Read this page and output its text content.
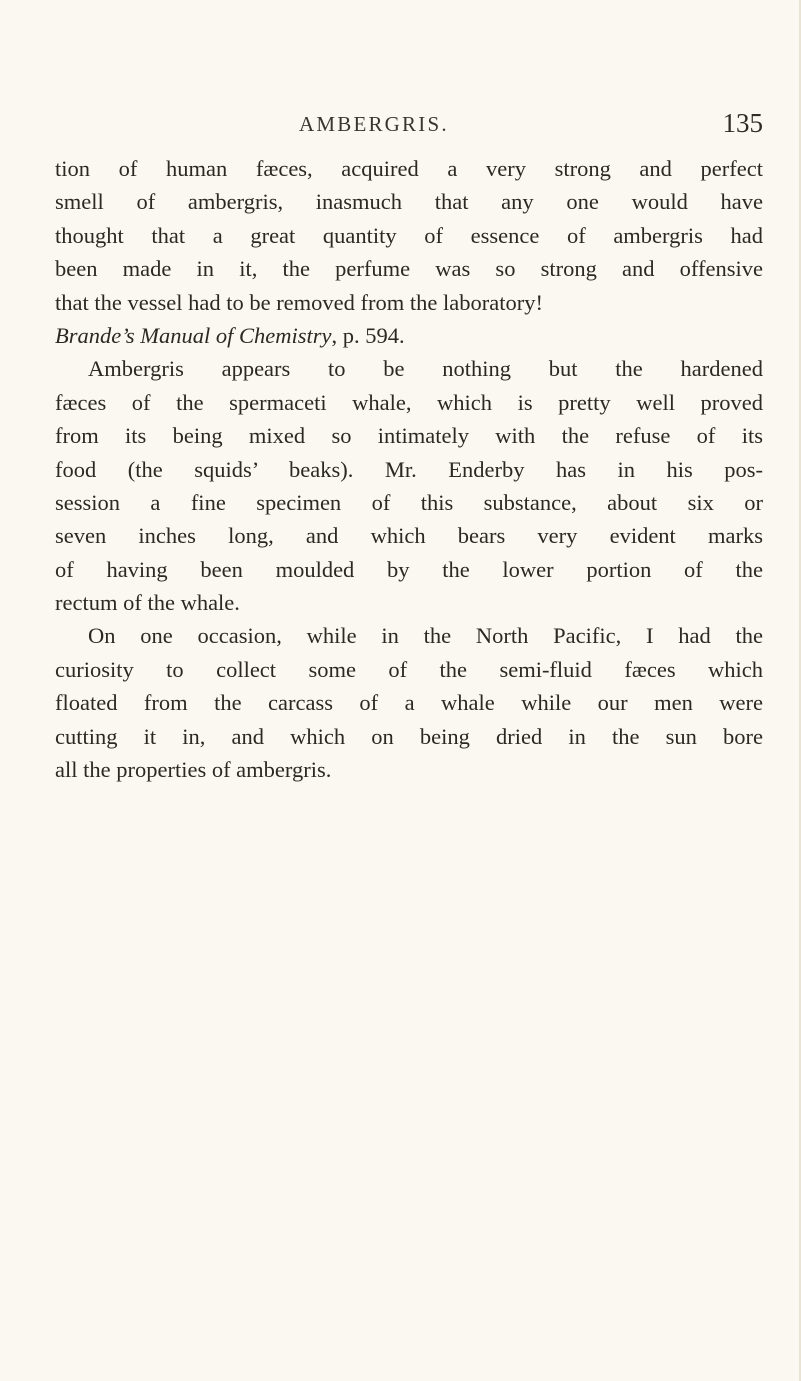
AMBERGRIS.	135
tion of human fæces, acquired a very strong and perfect
smell of ambergris, inasmuch that any one would have
thought that a great quantity of essence of ambergris had
been made in it, the perfume was so strong and offensive
that the vessel had to be removed from the laboratory!
Brande’s Manual of Chemistry, p. 594.
Ambergris appears to be nothing but the hardened
fæces of the spermaceti whale, which is pretty well proved
from its being mixed so intimately with the refuse of its
food (the squids’ beaks). Mr. Enderby has in his pos-
session a fine specimen of this substance, about six or
seven inches long, and which bears very evident marks
of having been moulded by the lower portion of the
rectum of the whale.
On one occasion, while in the North Pacific, I had the
curiosity to collect some of the semi-fluid fæces which
floated from the carcass of a whale while our men were
cutting it in, and which on being dried in the sun bore
all the properties of ambergris.
